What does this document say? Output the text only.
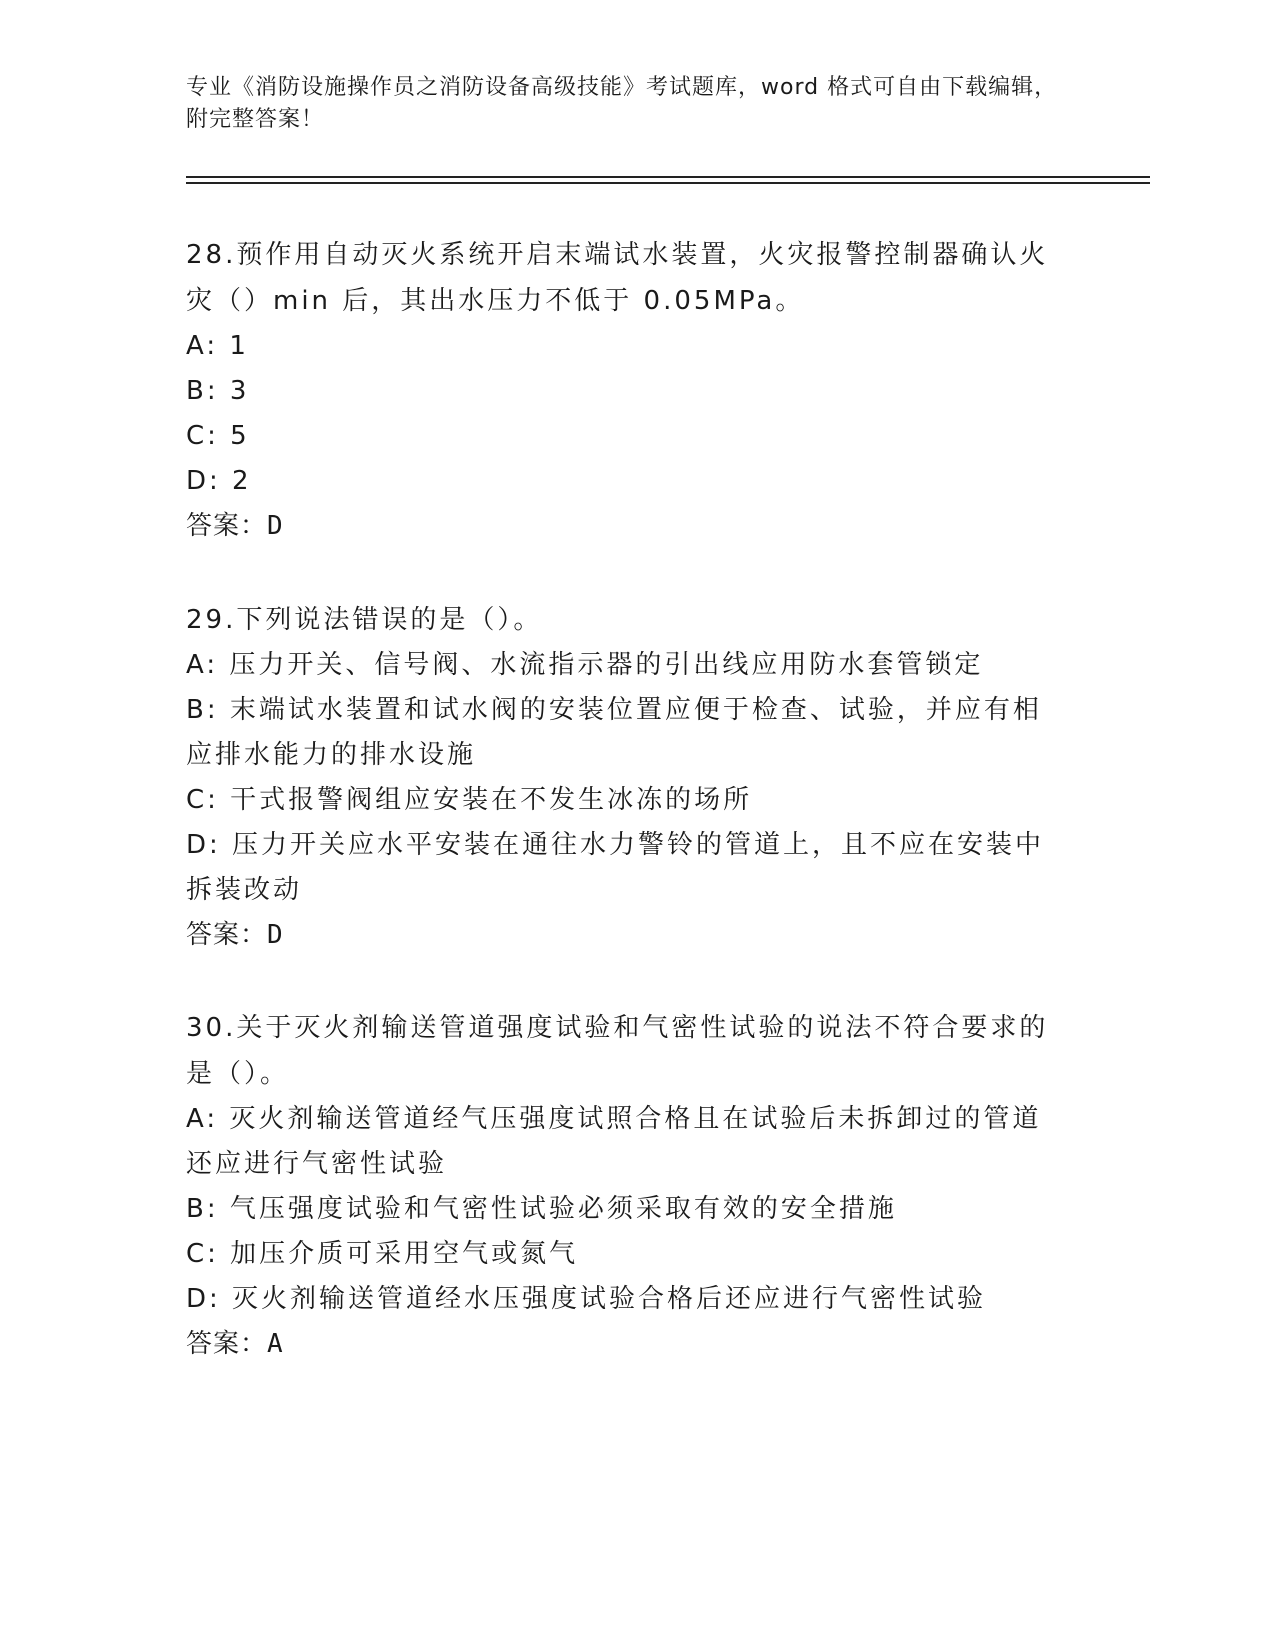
专业《消防设施操作员之消防设备高级技能》考试题库，word 格式可自由下载编辑，附完整答案！

28.预作用自动灭火系统开启末端试水装置，火灾报警控制器确认火灾（）min 后，其出水压力不低于 0.05MPa。

A: 1

B: 3

C: 5

D: 2

答案：D

29.下列说法错误的是（）。

A: 压力开关、信号阀、水流指示器的引出线应用防水套管锁定

B: 末端试水装置和试水阀的安装位置应便于检查、试验，并应有相应排水能力的排水设施

C: 干式报警阀组应安装在不发生冰冻的场所

D: 压力开关应水平安装在通往水力警铃的管道上，且不应在安装中拆装改动

答案：D

30.关于灭火剂输送管道强度试验和气密性试验的说法不符合要求的是（）。

A: 灭火剂输送管道经气压强度试照合格且在试验后未拆卸过的管道还应进行气密性试验

B: 气压强度试验和气密性试验必须采取有效的安全措施

C: 加压介质可采用空气或氮气

D: 灭火剂输送管道经水压强度试验合格后还应进行气密性试验

答案：A
